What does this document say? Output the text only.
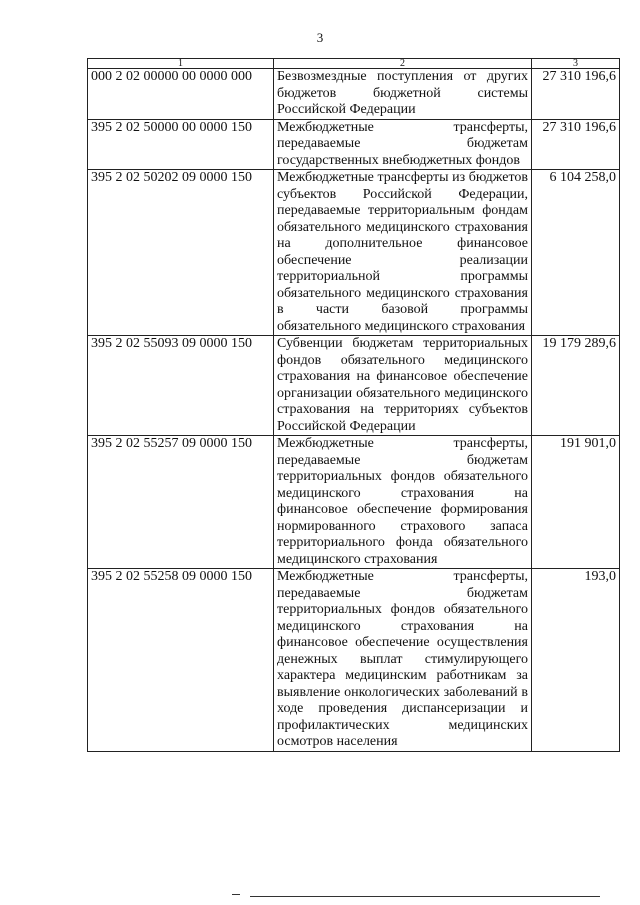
3
1	2	3
000 2 02 00000 00 0000 000	Безвозмездные поступления от других бюджетов бюджетной системы Российской Федерации	27 310 196,6
395 2 02 50000 00 0000 150	Межбюджетные трансферты, передаваемые бюджетам государственных внебюджетных фондов	27 310 196,6
395 2 02 50202 09 0000 150	Межбюджетные трансферты из бюджетов субъектов Российской Федерации, передаваемые территориальным фондам обязательного медицинского страхования на дополнительное финансовое обеспечение реализации территориальной программы обязательного медицинского страхования в части базовой программы обязательного медицинского страхования	6 104 258,0
395 2 02 55093 09 0000 150	Субвенции бюджетам территориальных фондов обязательного медицинского страхования на финансовое обеспечение организации обязательного медицинского страхования на территориях субъектов Российской Федерации	19 179 289,6
395 2 02 55257 09 0000 150	Межбюджетные трансферты, передаваемые бюджетам территориальных фондов обязательного медицинского страхования на финансовое обеспечение формирования нормированного страхового запаса территориального фонда обязательного медицинского страхования	191 901,0
395 2 02 55258 09 0000 150	Межбюджетные трансферты, передаваемые бюджетам территориальных фондов обязательного медицинского страхования на финансовое обеспечение осуществления денежных выплат стимулирующего характера медицинским работникам за выявление онкологических заболеваний в ходе проведения диспансеризации и профилактических медицинских осмотров населения	193,0
